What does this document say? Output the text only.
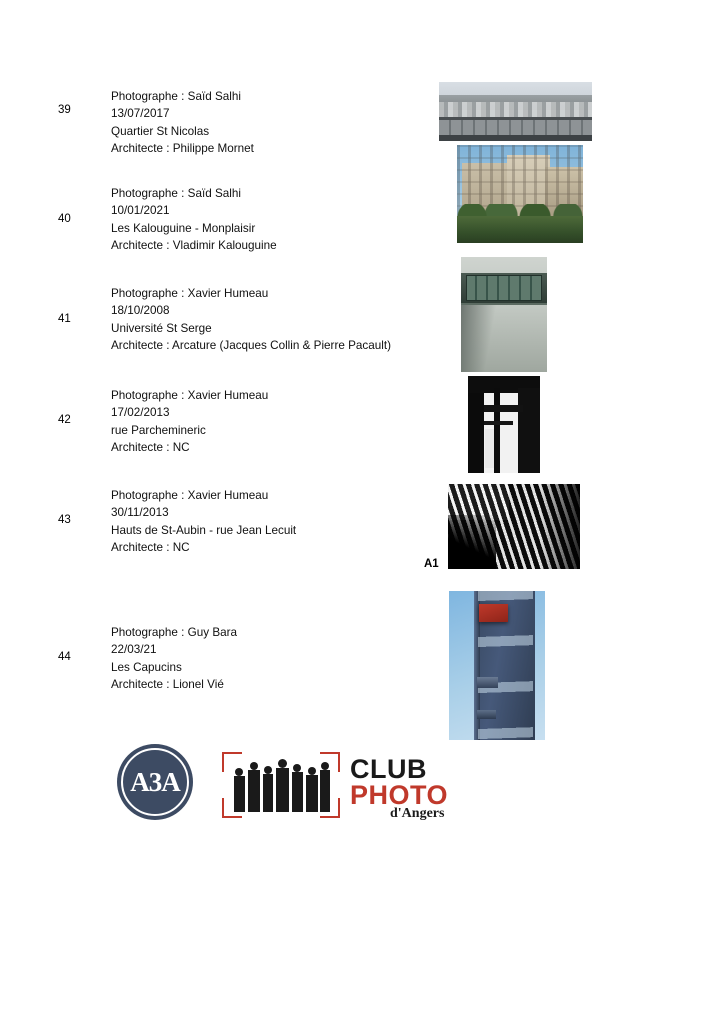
39
Photographe : Saïd Salhi
13/07/2017
Quartier St Nicolas
Architecte : Philippe Mornet
40
Photographe : Saïd Salhi
10/01/2021
Les Kalouguine - Monplaisir
Architecte : Vladimir Kalouguine
41
Photographe : Xavier Humeau
18/10/2008
Université St Serge
Architecte : Arcature (Jacques Collin & Pierre Pacault)
42
Photographe : Xavier Humeau
17/02/2013
rue Parchemineric
Architecte : NC
43
Photographe : Xavier Humeau
30/11/2013
Hauts de St-Aubin - rue Jean Lecuit
Architecte : NC
A1
44
Photographe : Guy Bara
22/03/21
Les Capucins
Architecte : Lionel Vié
A3A	CLUB
PHOTO
d'Angers
